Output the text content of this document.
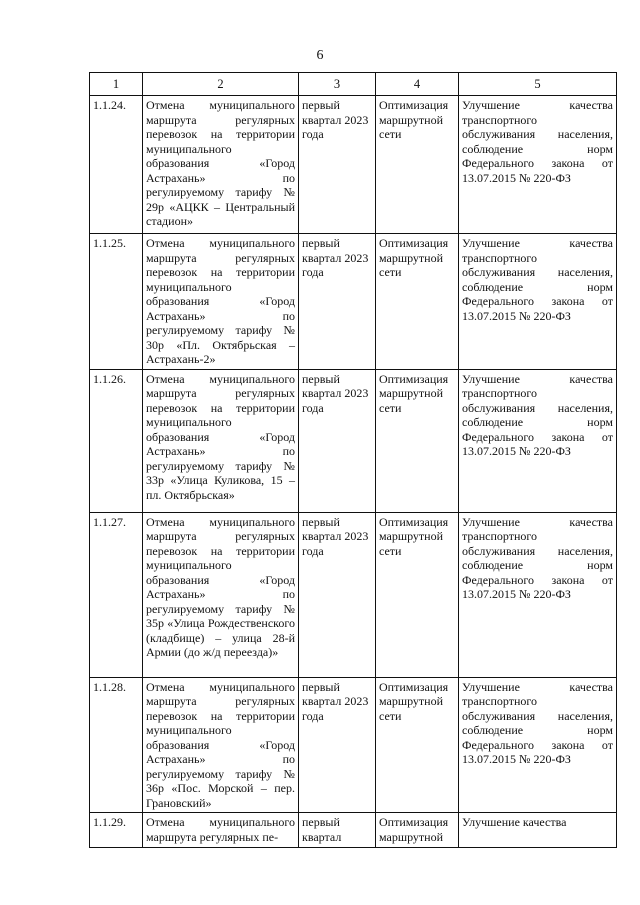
6
1	2	3	4	5
1.1.24.	Отмена муниципального маршрута регулярных перевозок на территории муниципального образования «Город Астрахань» по регулируемому тарифу № 29р «АЦКК – Центральный стадион»	первый квартал 2023 года	Оптимизация маршрутной сети	Улучшение качества транспортного обслуживания населения, соблюдение норм Федерального закона от 13.07.2015 № 220-ФЗ
1.1.25.	Отмена муниципального маршрута регулярных перевозок на территории муниципального образования «Город Астрахань» по регулируемому тарифу № 30р «Пл. Октябрьская – Астрахань-2»	первый квартал 2023 года	Оптимизация маршрутной сети	Улучшение качества транспортного обслуживания населения, соблюдение норм Федерального закона от 13.07.2015 № 220-ФЗ
1.1.26.	Отмена муниципального маршрута регулярных перевозок на территории муниципального образования «Город Астрахань» по регулируемому тарифу № 33р «Улица Куликова, 15 – пл. Октябрьская»	первый квартал 2023 года	Оптимизация маршрутной сети	Улучшение качества транспортного обслуживания населения, соблюдение норм Федерального закона от 13.07.2015 № 220-ФЗ
1.1.27.	Отмена муниципального маршрута регулярных перевозок на территории муниципального образования «Город Астрахань» по регулируемому тарифу № 35р «Улица Рождественского (кладбище) – улица 28-й Армии (до ж/д переезда)»	первый квартал 2023 года	Оптимизация маршрутной сети	Улучшение качества транспортного обслуживания населения, соблюдение норм Федерального закона от 13.07.2015 № 220-ФЗ
1.1.28.	Отмена муниципального маршрута регулярных перевозок на территории муниципального образования «Город Астрахань» по регулируемому тарифу № 36р «Пос. Морской – пер. Грановский»	первый квартал 2023 года	Оптимизация маршрутной сети	Улучшение качества транспортного обслуживания населения, соблюдение норм Федерального закона от 13.07.2015 № 220-ФЗ
1.1.29.	Отмена муниципального маршрута регулярных пе-	первый квартал	Оптимизация маршрутной	Улучшение качества
